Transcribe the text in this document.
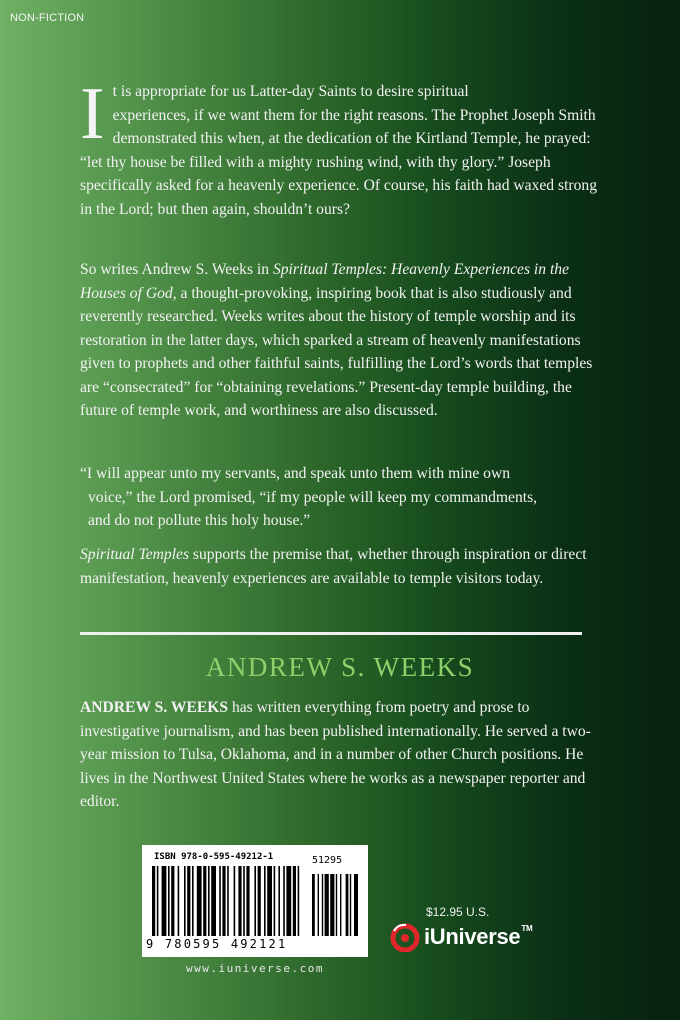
NON-FICTION
I t is appropriate for us Latter-day Saints to desire spiritual
experiences, if we want them for the right reasons. The Prophet Joseph Smith demonstrated this when, at the dedication of the Kirtland Temple, he prayed: “let thy house be filled with a mighty rushing wind, with thy glory.” Joseph specifically asked for a heavenly experience. Of course, his faith had waxed strong in the Lord; but then again, shouldn’t ours?
So writes Andrew S. Weeks in Spiritual Temples: Heavenly Experiences in the Houses of God, a thought-provoking, inspiring book that is also studiously and reverently researched. Weeks writes about the history of temple worship and its restoration in the latter days, which sparked a stream of heavenly manifestations given to prophets and other faithful saints, fulfilling the Lord’s words that temples are “consecrated” for “obtaining revelations.” Present-day temple building, the future of temple work, and worthiness are also discussed.
“I will appear unto my servants, and speak unto them with mine own
voice,” the Lord promised, “if my people will keep my commandments,
and do not pollute this holy house.”
Spiritual Temples supports the premise that, whether through inspiration or direct manifestation, heavenly experiences are available to temple visitors today.
ANDREW S. WEEKS
ANDREW S. WEEKS has written everything from poetry and prose to investigative journalism, and has been published internationally. He served a two-year mission to Tulsa, Oklahoma, and in a number of other Church positions. He lives in the Northwest United States where he works as a newspaper reporter and editor.
ISBN 978-0-595-49212-1	51295
9 780595 492121
www.iuniverse.com
$12.95 U.S.
iUniverse™
